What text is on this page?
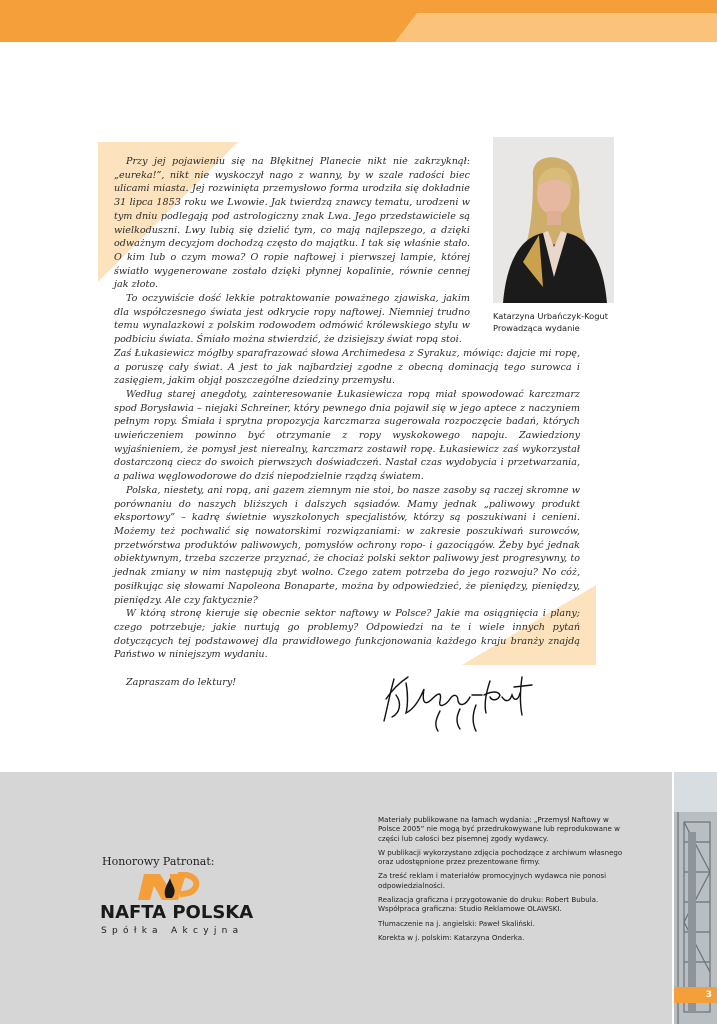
Katarzyna Urbańczyk-Kogut
Prowadząca wydanie

Przy jej pojawieniu się na Błękitnej Planecie nikt nie zakrzyknął: „eureka!”, nikt nie wyskoczył nago z wanny, by w szale radości biec ulicami miasta. Jej rozwinięta przemysłowo forma urodziła się dokładnie 31 lipca 1853 roku we Lwowie. Jak twierdzą znawcy tematu, urodzeni w tym dniu podlegają pod astrologiczny znak Lwa. Jego przedstawiciele są wielkoduszni. Lwy lubią się dzielić tym, co mają najlepszego, a dzięki odważnym decyzjom dochodzą często do majątku. I tak się właśnie stało. O kim lub o czym mowa? O ropie naftowej i pierwszej lampie, której światło wygenerowane zostało dzięki płynnej kopalinie, równie cennej jak złoto.

To oczywiście dość lekkie potraktowanie poważnego zjawiska, jakim dla współczesnego świata jest odkrycie ropy naftowej. Niemniej trudno temu wynalazkowi z polskim rodowodem odmówić królewskiego stylu w podbiciu świata. Śmiało można stwierdzić, że dzisiejszy świat ropą stoi.

Zaś Łukasiewicz mógłby sparafrazować słowa Archimedesa z Syrakuz, mówiąc: dajcie mi ropę, a poruszę cały świat. A jest to jak najbardziej zgodne z obecną dominacją tego surowca i zasięgiem, jakim objął poszczególne dziedziny przemysłu.

Według starej anegdoty, zainteresowanie Łukasiewicza ropą miał spowodować karczmarz spod Borysławia – niejaki Schreiner, który pewnego dnia pojawił się w jego aptece z naczyniem pełnym ropy. Śmiała i sprytna propozycja karczmarza sugerowała rozpoczęcie badań, których uwieńczeniem powinno być otrzymanie z ropy wyskokowego napoju. Zawiedziony wyjaśnieniem, że pomysł jest nierealny, karczmarz zostawił ropę. Łukasiewicz zaś wykorzystał dostarczoną ciecz do swoich pierwszych doświadczeń. Nastał czas wydobycia i przetwarzania, a paliwa węglowodorowe do dziś niepodzielnie rządzą światem.

Polska, niestety, ani ropą, ani gazem ziemnym nie stoi, bo nasze zasoby są raczej skromne w porównaniu do naszych bliższych i dalszych sąsiadów. Mamy jednak „paliwowy produkt eksportowy” – kadrę świetnie wyszkolonych specjalistów, którzy są poszukiwani i cenieni. Możemy też pochwalić się nowatorskimi rozwiązaniami: w zakresie poszukiwań surowców, przetwórstwa produktów paliwowych, pomysłów ochrony ropo- i gazociągów. Żeby być jednak obiektywnym, trzeba szczerze przyznać, że chociaż polski sektor paliwowy jest progresywny, to jednak zmiany w nim następują zbyt wolno. Czego zatem potrzeba do jego rozwoju? No cóż, posiłkując się słowami Napoleona Bonaparte, można by odpowiedzieć, że pieniędzy, pieniędzy, pieniędzy. Ale czy faktycznie?

W którą stronę kieruje się obecnie sektor naftowy w Polsce? Jakie ma osiągnięcia i plany; czego potrzebuje; jakie nurtują go problemy? Odpowiedzi na te i wiele innych pytań dotyczących tej podstawowej dla prawidłowego funkcjonowania każdego kraju branży znajdą Państwo w niniejszym wydaniu.

Zapraszam do lektury!

Honorowy Patronat:
NAFTA POLSKA
Spółka Akcyjna

Materiały publikowane na łamach wydania: „Przemysł Naftowy w Polsce 2005” nie mogą być przedrukowywane lub reprodukowane w części lub całości bez pisemnej zgody wydawcy.

W publikacji wykorzystano zdjęcia pochodzące z archiwum własnego oraz udostępnione przez prezentowane firmy.

Za treść reklam i materiałów promocyjnych wydawca nie ponosi odpowiedzialności.

Realizacja graficzna i przygotowanie do druku: Robert Bubula. Współpraca graficzna: Studio Reklamowe OLAWSKI.

Tłumaczenie na j. angielski: Paweł Skaliński.

Korekta w j. polskim: Katarzyna Onderka.

3
